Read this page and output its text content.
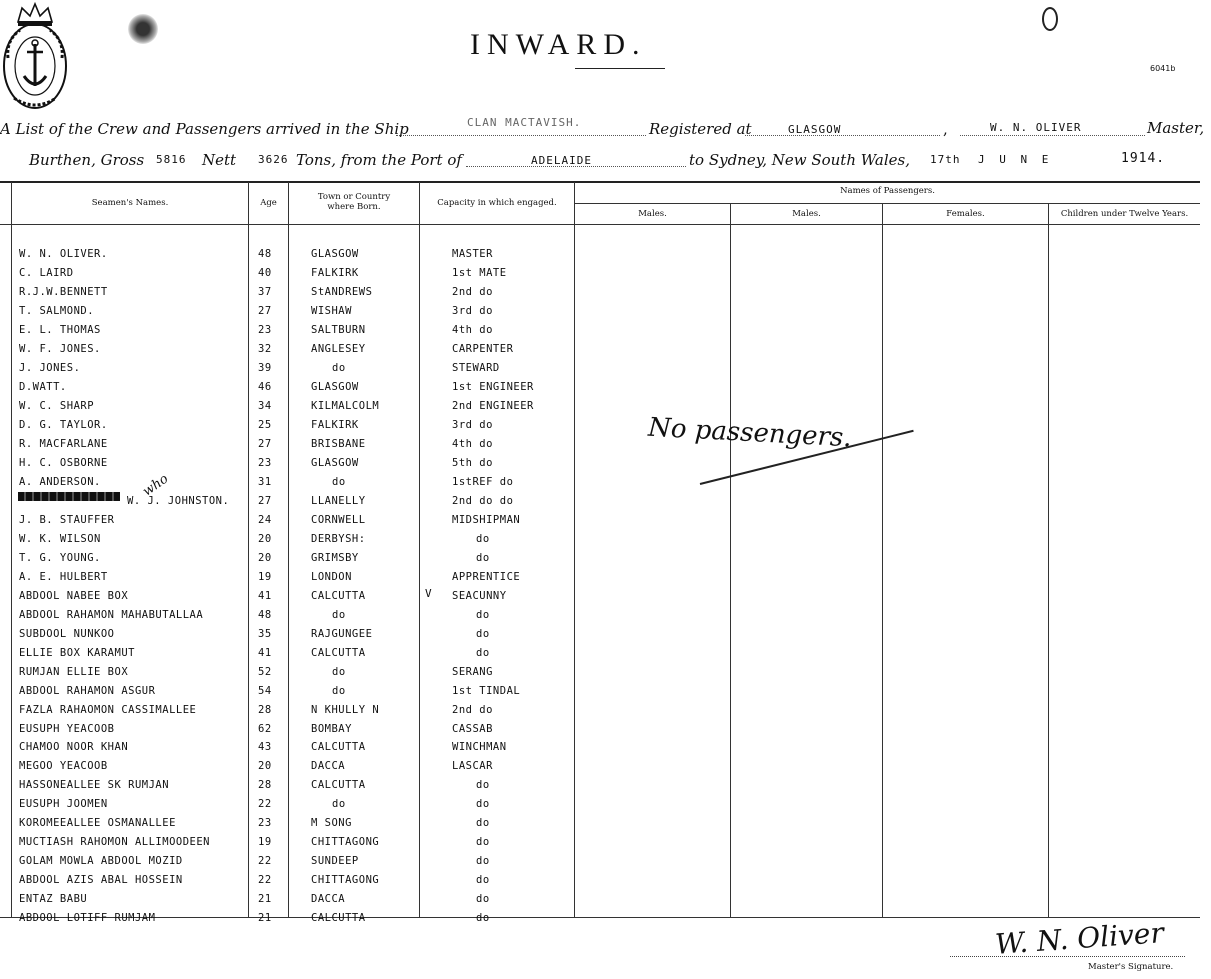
INWARD.
6041b
A List of the Crew and Passengers arrived in the Ship	CLAN MACTAVISH.	Registered at	GLASGOW	,	W. N. OLIVER	Master,
Burthen, Gross 5816 Nett 3626 Tons, from the Port of	ADELAIDE	to Sydney, New South Wales, 17th J U N E	1914.
Seamen's Names.	Age
Town or Country where Born.	Capacity in which engaged.
Names of Passengers.
Males.	Males.	Females.	Children under Twelve Years.
W. N. OLIVER.	48	GLASGOW	MASTER
C. LAIRD	40	FALKIRK	1st MATE
R.J.W.BENNETT	37	StANDREWS	2nd do
T. SALMOND.	27	WISHAW	3rd do
E. L. THOMAS	23	SALTBURN	4th do
W. F. JONES.	32	ANGLESEY	CARPENTER
J. JONES.	39	do	STEWARD
D.WATT.	46	GLASGOW	1st ENGINEER
W. C. SHARP	34	KILMALCOLM	2nd ENGINEER
D. G. TAYLOR.	25	FALKIRK	3rd do
R. MACFARLANE	27	BRISBANE	4th do
H. C. OSBORNE	23	GLASGOW	5th do
A. ANDERSON.	31	do	1stREF do
W. J. JOHNSTON.	27	LLANELLY	2nd do do
J. B. STAUFFER	24	CORNWELL	MIDSHIPMAN
W. K. WILSON	20	DERBYSH:	do
T. G. YOUNG.	20	GRIMSBY	do
A. E. HULBERT	19	LONDON	APPRENTICE
ABDOOL NABEE BOX	41	CALCUTTA	SEACUNNY
ABDOOL RAHAMON MAHABUTALLAA	48	do	do
SUBDOOL NUNKOO	35	RAJGUNGEE	do
ELLIE BOX KARAMUT	41	CALCUTTA	do
RUMJAN ELLIE BOX	52	do	SERANG
ABDOOL RAHAMON ASGUR	54	do	1st TINDAL
FAZLA RAHAOMON CASSIMALLEE	28	N KHULLY N	2nd do
EUSUPH YEACOOB	62	BOMBAY	CASSAB
CHAMOO NOOR KHAN	43	CALCUTTA	WINCHMAN
MEGOO YEACOOB	20	DACCA	LASCAR
HASSONEALLEE SK RUMJAN	28	CALCUTTA	do
EUSUPH JOOMEN	22	do	do
KOROMEEALLEE OSMANALLEE	23	M SONG	do
MUCTIASH RAHOMON ALLIMOODEEN	19	CHITTAGONG	do
GOLAM MOWLA ABDOOL MOZID	22	SUNDEEP	do
ABDOOL AZIS ABAL HOSSEIN	22	CHITTAGONG	do
ENTAZ BABU	21	DACCA	do
ABDOOL LOTIFF RUMJAM	21	CALCUTTA	do
No passengers.
who
V
W. N. Oliver
Master's Signature.
